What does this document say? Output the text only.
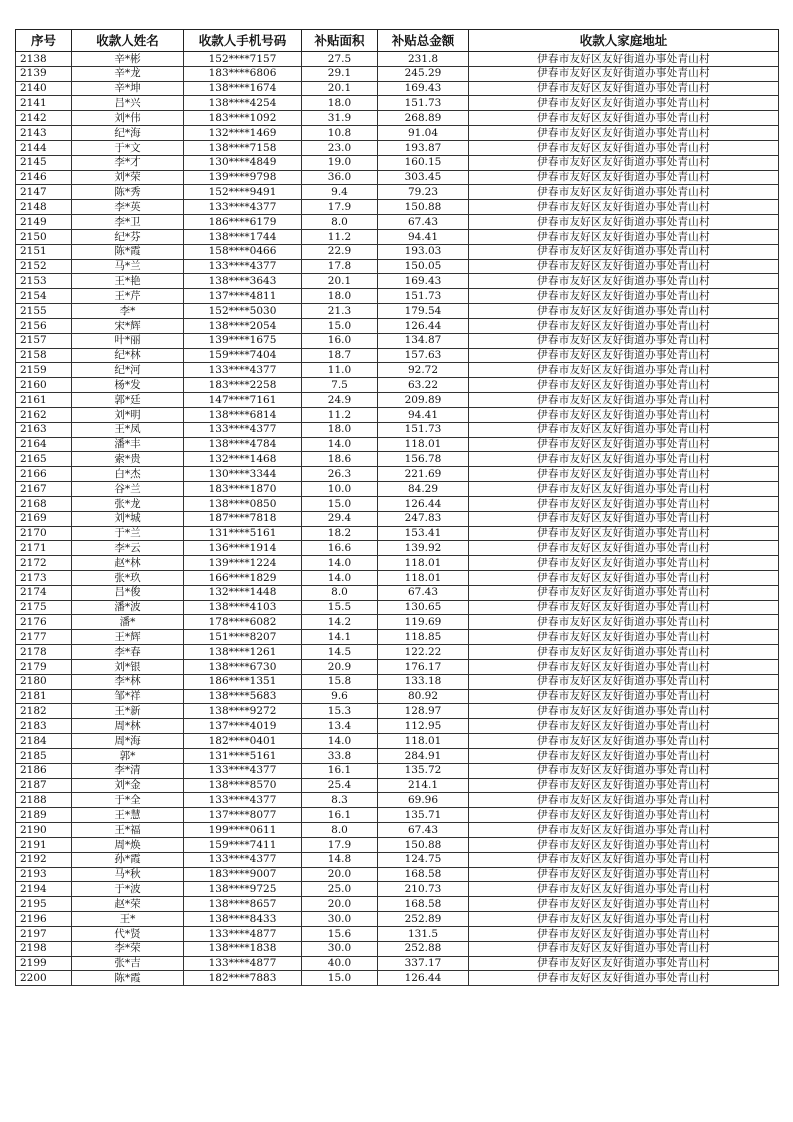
序号	收款人姓名	收款人手机号码	补贴面积	补贴总金额	收款人家庭地址
2138	辛*彬	152****7157	27.5	231.8	伊春市友好区友好街道办事处青山村
2139	辛*龙	183****6806	29.1	245.29	伊春市友好区友好街道办事处青山村
2140	辛*坤	138****1674	20.1	169.43	伊春市友好区友好街道办事处青山村
2141	吕*兴	138****4254	18.0	151.73	伊春市友好区友好街道办事处青山村
2142	刘*伟	183****1092	31.9	268.89	伊春市友好区友好街道办事处青山村
2143	纪*海	132****1469	10.8	91.04	伊春市友好区友好街道办事处青山村
2144	于*文	138****7158	23.0	193.87	伊春市友好区友好街道办事处青山村
2145	李*才	130****4849	19.0	160.15	伊春市友好区友好街道办事处青山村
2146	刘*荣	139****9798	36.0	303.45	伊春市友好区友好街道办事处青山村
2147	陈*秀	152****9491	9.4	79.23	伊春市友好区友好街道办事处青山村
2148	李*英	133****4377	17.9	150.88	伊春市友好区友好街道办事处青山村
2149	李*卫	186****6179	8.0	67.43	伊春市友好区友好街道办事处青山村
2150	纪*芬	138****1744	11.2	94.41	伊春市友好区友好街道办事处青山村
2151	陈*霞	158****0466	22.9	193.03	伊春市友好区友好街道办事处青山村
2152	马*兰	133****4377	17.8	150.05	伊春市友好区友好街道办事处青山村
2153	王*艳	138****3643	20.1	169.43	伊春市友好区友好街道办事处青山村
2154	王*芹	137****4811	18.0	151.73	伊春市友好区友好街道办事处青山村
2155	李*	152****5030	21.3	179.54	伊春市友好区友好街道办事处青山村
2156	宋*辉	138****2054	15.0	126.44	伊春市友好区友好街道办事处青山村
2157	叶*丽	139****1675	16.0	134.87	伊春市友好区友好街道办事处青山村
2158	纪*林	159****7404	18.7	157.63	伊春市友好区友好街道办事处青山村
2159	纪*河	133****4377	11.0	92.72	伊春市友好区友好街道办事处青山村
2160	杨*发	183****2258	7.5	63.22	伊春市友好区友好街道办事处青山村
2161	郭*廷	147****7161	24.9	209.89	伊春市友好区友好街道办事处青山村
2162	刘*明	138****6814	11.2	94.41	伊春市友好区友好街道办事处青山村
2163	王*凤	133****4377	18.0	151.73	伊春市友好区友好街道办事处青山村
2164	潘*丰	138****4784	14.0	118.01	伊春市友好区友好街道办事处青山村
2165	索*贵	132****1468	18.6	156.78	伊春市友好区友好街道办事处青山村
2166	白*杰	130****3344	26.3	221.69	伊春市友好区友好街道办事处青山村
2167	谷*兰	183****1870	10.0	84.29	伊春市友好区友好街道办事处青山村
2168	张*龙	138****0850	15.0	126.44	伊春市友好区友好街道办事处青山村
2169	刘*城	187****7818	29.4	247.83	伊春市友好区友好街道办事处青山村
2170	于*兰	131****5161	18.2	153.41	伊春市友好区友好街道办事处青山村
2171	李*云	136****1914	16.6	139.92	伊春市友好区友好街道办事处青山村
2172	赵*林	139****1224	14.0	118.01	伊春市友好区友好街道办事处青山村
2173	张*玖	166****1829	14.0	118.01	伊春市友好区友好街道办事处青山村
2174	吕*俊	132****1448	8.0	67.43	伊春市友好区友好街道办事处青山村
2175	潘*波	138****4103	15.5	130.65	伊春市友好区友好街道办事处青山村
2176	潘*	178****6082	14.2	119.69	伊春市友好区友好街道办事处青山村
2177	王*辉	151****8207	14.1	118.85	伊春市友好区友好街道办事处青山村
2178	李*春	138****1261	14.5	122.22	伊春市友好区友好街道办事处青山村
2179	刘*银	138****6730	20.9	176.17	伊春市友好区友好街道办事处青山村
2180	李*林	186****1351	15.8	133.18	伊春市友好区友好街道办事处青山村
2181	邹*祥	138****5683	9.6	80.92	伊春市友好区友好街道办事处青山村
2182	王*新	138****9272	15.3	128.97	伊春市友好区友好街道办事处青山村
2183	周*林	137****4019	13.4	112.95	伊春市友好区友好街道办事处青山村
2184	周*海	182****0401	14.0	118.01	伊春市友好区友好街道办事处青山村
2185	郭*	131****5161	33.8	284.91	伊春市友好区友好街道办事处青山村
2186	李*清	133****4377	16.1	135.72	伊春市友好区友好街道办事处青山村
2187	刘*金	138****8570	25.4	214.1	伊春市友好区友好街道办事处青山村
2188	于*全	133****4377	8.3	69.96	伊春市友好区友好街道办事处青山村
2189	王*慧	137****8077	16.1	135.71	伊春市友好区友好街道办事处青山村
2190	王*福	199****0611	8.0	67.43	伊春市友好区友好街道办事处青山村
2191	周*焕	159****7411	17.9	150.88	伊春市友好区友好街道办事处青山村
2192	孙*霞	133****4377	14.8	124.75	伊春市友好区友好街道办事处青山村
2193	马*秋	183****9007	20.0	168.58	伊春市友好区友好街道办事处青山村
2194	于*波	138****9725	25.0	210.73	伊春市友好区友好街道办事处青山村
2195	赵*荣	138****8657	20.0	168.58	伊春市友好区友好街道办事处青山村
2196	王*	138****8433	30.0	252.89	伊春市友好区友好街道办事处青山村
2197	代*贤	133****4877	15.6	131.5	伊春市友好区友好街道办事处青山村
2198	李*荣	138****1838	30.0	252.88	伊春市友好区友好街道办事处青山村
2199	张*吉	133****4877	40.0	337.17	伊春市友好区友好街道办事处青山村
2200	陈*霞	182****7883	15.0	126.44	伊春市友好区友好街道办事处青山村
